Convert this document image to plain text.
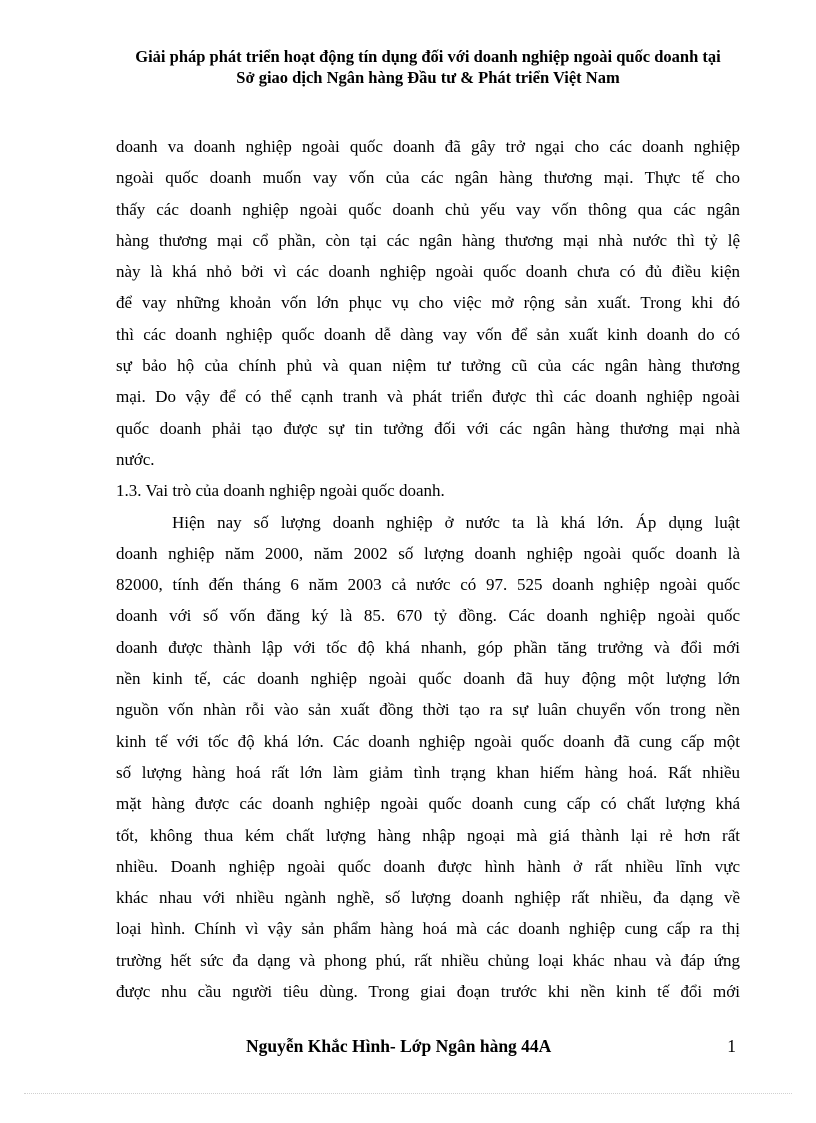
Giải pháp phát triển hoạt động tín dụng đối với doanh nghiệp ngoài quốc doanh tại
Sở giao dịch Ngân hàng Đầu tư & Phát triển Việt Nam

doanh va doanh nghiệp ngoài quốc doanh đã gây trở ngại cho các doanh nghiệp

ngoài quốc doanh muốn vay vốn của các ngân hàng thương mại. Thực tế cho

thấy các doanh nghiệp ngoài quốc doanh chủ yếu vay vốn thông qua các ngân

hàng thương mại cổ phần, còn tại các ngân hàng thương mại nhà nước thì tỷ lệ

này là khá nhỏ bởi vì các doanh nghiệp ngoài quốc doanh chưa có đủ điều kiện

để vay những khoản vốn lớn phục vụ cho việc mở rộng sản xuất. Trong khi đó

thì các doanh nghiệp quốc doanh dễ dàng vay vốn để sản xuất kinh doanh do có

sự bảo hộ của chính phủ và quan niệm tư tưởng cũ của các ngân hàng thương

mại. Do vậy để có thể cạnh tranh và phát triển được thì các doanh nghiệp ngoài

quốc doanh phải tạo được sự tin tưởng đối với các ngân hàng thương mại nhà

nước.

1.3. Vai trò của doanh nghiệp ngoài quốc doanh.

Hiện nay số lượng doanh nghiệp ở nước ta là khá lớn. Áp dụng luật

doanh nghiệp năm 2000, năm 2002 số lượng doanh nghiệp ngoài quốc doanh là

82000, tính đến tháng 6 năm 2003 cả nước có 97. 525 doanh nghiệp ngoài quốc

doanh với số vốn đăng ký là 85. 670 tỷ đồng. Các doanh nghiệp ngoài quốc

doanh được thành lập với tốc độ khá nhanh, góp phần tăng trưởng và đổi mới

nền kinh tế, các doanh nghiệp ngoài quốc doanh đã huy động một lượng lớn

nguồn vốn nhàn rỗi vào sản xuất đồng thời tạo ra sự luân chuyển vốn trong nền

kinh tế với tốc độ khá lớn. Các doanh nghiệp ngoài quốc doanh đã cung cấp một

số lượng hàng hoá rất lớn làm giảm tình trạng khan hiếm hàng hoá. Rất nhiều

mặt hàng được các doanh nghiệp ngoài quốc doanh cung cấp có chất lượng khá

tốt, không thua kém chất lượng hàng nhập ngoại mà giá thành lại rẻ hơn rất

nhiều. Doanh nghiệp ngoài quốc doanh được hình hành ở rất nhiều lĩnh vực

khác nhau với nhiều ngành nghề, số lượng doanh nghiệp rất nhiều, đa dạng về

loại hình. Chính vì vậy sản phẩm hàng hoá mà các doanh nghiệp cung cấp ra thị

trường hết sức đa dạng và phong phú, rất nhiều chủng loại khác nhau và đáp ứng

được nhu cầu người tiêu dùng. Trong giai đoạn trước khi nền kinh tế đổi mới

Nguyễn Khắc Hình- Lớp Ngân hàng 44A	1
